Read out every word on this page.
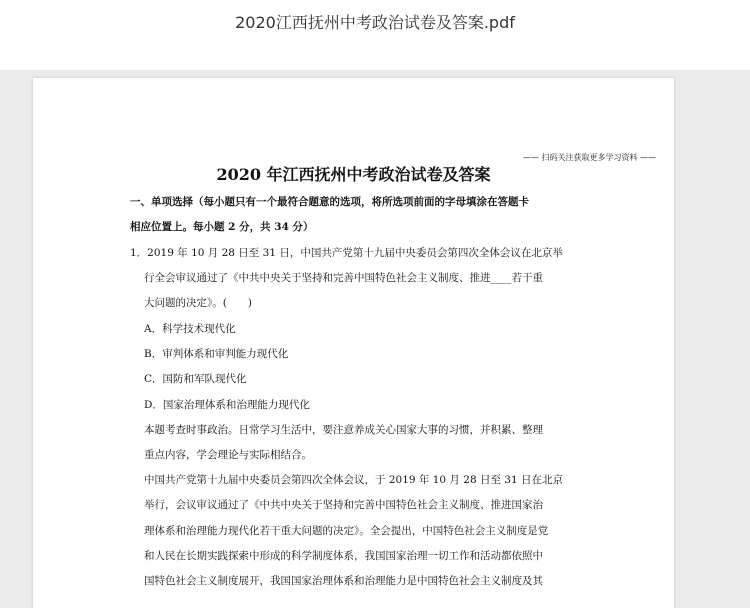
2020江西抚州中考政治试卷及答案.pdf
—— 扫码关注获取更多学习资料 ——
2020 年江西抚州中考政治试卷及答案
一、单项选择（每小题只有一个最符合题意的选项，将所选项前面的字母填涂在答题卡
相应位置上。每小题 2 分，共 34 分）
1．2019 年 10 月 28 日至 31 日，中国共产党第十九届中央委员会第四次全体会议在北京举
行全会审议通过了《中共中央关于坚持和完善中国特色社会主义制度、推进____若干重
大问题的决定》。(　　)
A．科学技术现代化
B．审判体系和审判能力现代化
C．国防和军队现代化
D．国家治理体系和治理能力现代化
本题考查时事政治。日常学习生活中，要注意养成关心国家大事的习惯，并积累、整理
重点内容，学会理论与实际相结合。
中国共产党第十九届中央委员会第四次全体会议，于 2019 年 10 月 28 日至 31 日在北京
举行，会议审议通过了《中共中央关于坚持和完善中国特色社会主义制度、推进国家治
理体系和治理能力现代化若干重大问题的决定》。全会提出，中国特色社会主义制度是党
和人民在长期实践探索中形成的科学制度体系，我国国家治理一切工作和活动都依照中
国特色社会主义制度展开，我国国家治理体系和治理能力是中国特色社会主义制度及其
